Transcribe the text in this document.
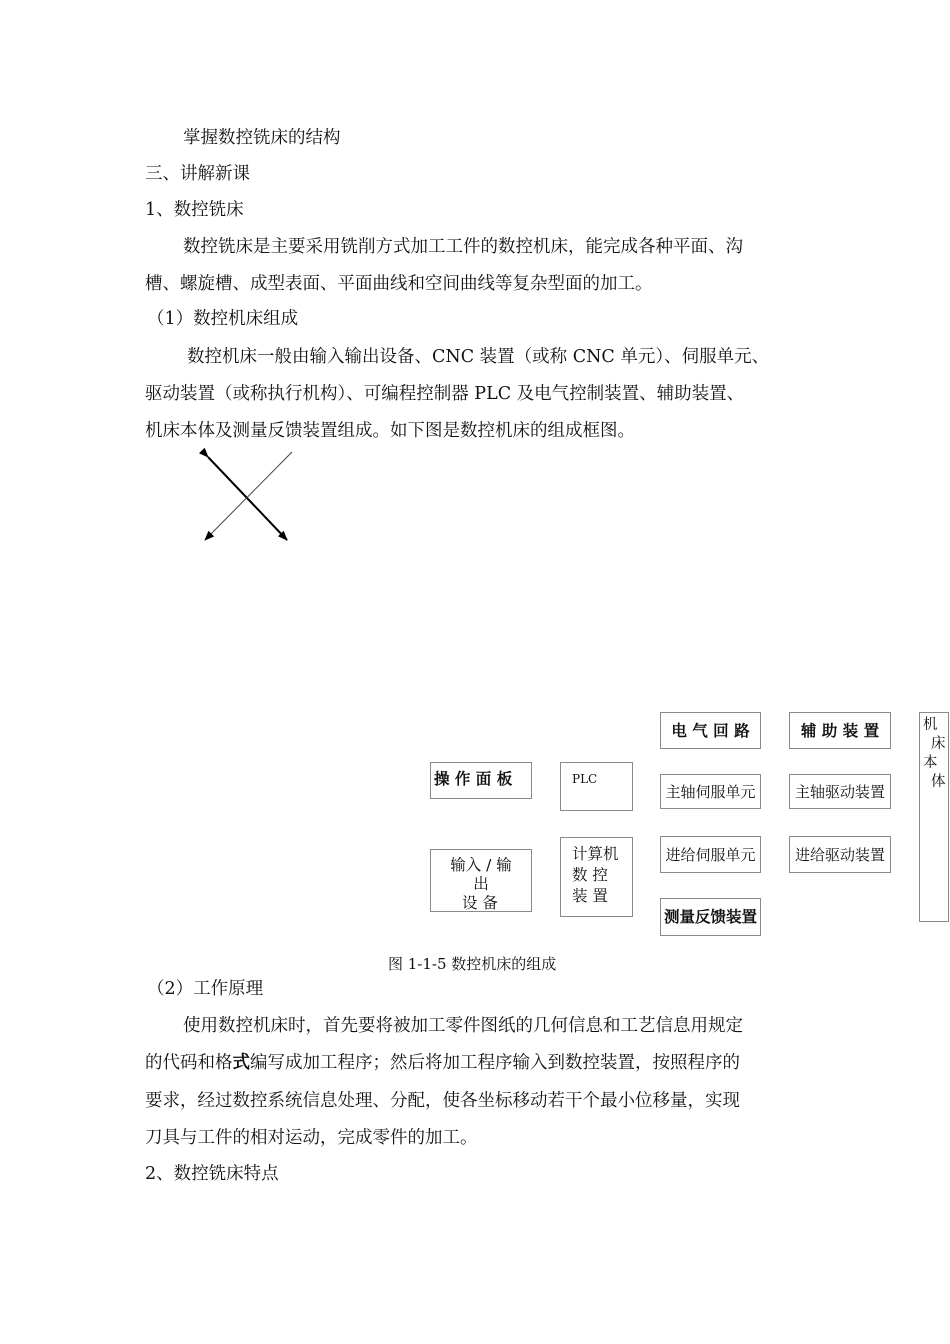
掌握数控铣床的结构
三、讲解新课
1、数控铣床
数控铣床是主要采用铣削方式加工工件的数控机床，能完成各种平面、沟
槽、螺旋槽、成型表面、平面曲线和空间曲线等复杂型面的加工。
（1）数控机床组成
数控机床一般由输入输出设备、CNC 装置（或称 CNC 单元）、伺服单元、
驱动装置（或称执行机构）、可编程控制器 PLC 及电气控制装置、辅助装置、
机床本体及测量反馈装置组成。如下图是数控机床的组成框图。
电 气 回 路	辅 助 装 置	机
床
本
体
操 作 面 板	PLC
主轴伺服单元	主轴驱动装置
输入 / 输
出
设 备
计算机
数 控
装 置
进给伺服单元	进给驱动装置
测量反馈装置
图 1-1-5 数控机床的组成
（2）工作原理
使用数控机床时，首先要将被加工零件图纸的几何信息和工艺信息用规定
的代码和格式编写成加工程序；然后将加工程序输入到数控装置，按照程序的
要求，经过数控系统信息处理、分配，使各坐标移动若干个最小位移量，实现
刀具与工件的相对运动，完成零件的加工。
2、数控铣床特点
